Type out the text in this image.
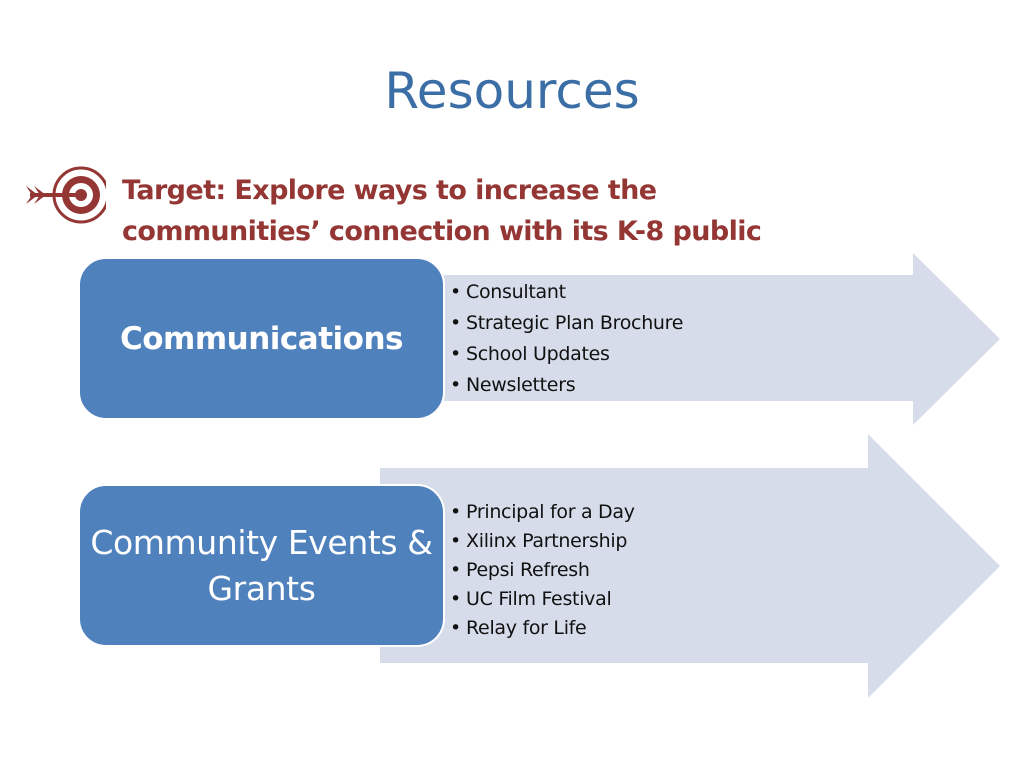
Resources
Target: Explore ways to increase the communities’ connection with its K-8 public
Communications
• Consultant
• Strategic Plan Brochure
• School Updates
• Newsletters
Community Events & Grants
• Principal for a Day
• Xilinx Partnership
• Pepsi Refresh
• UC Film Festival
• Relay for Life
